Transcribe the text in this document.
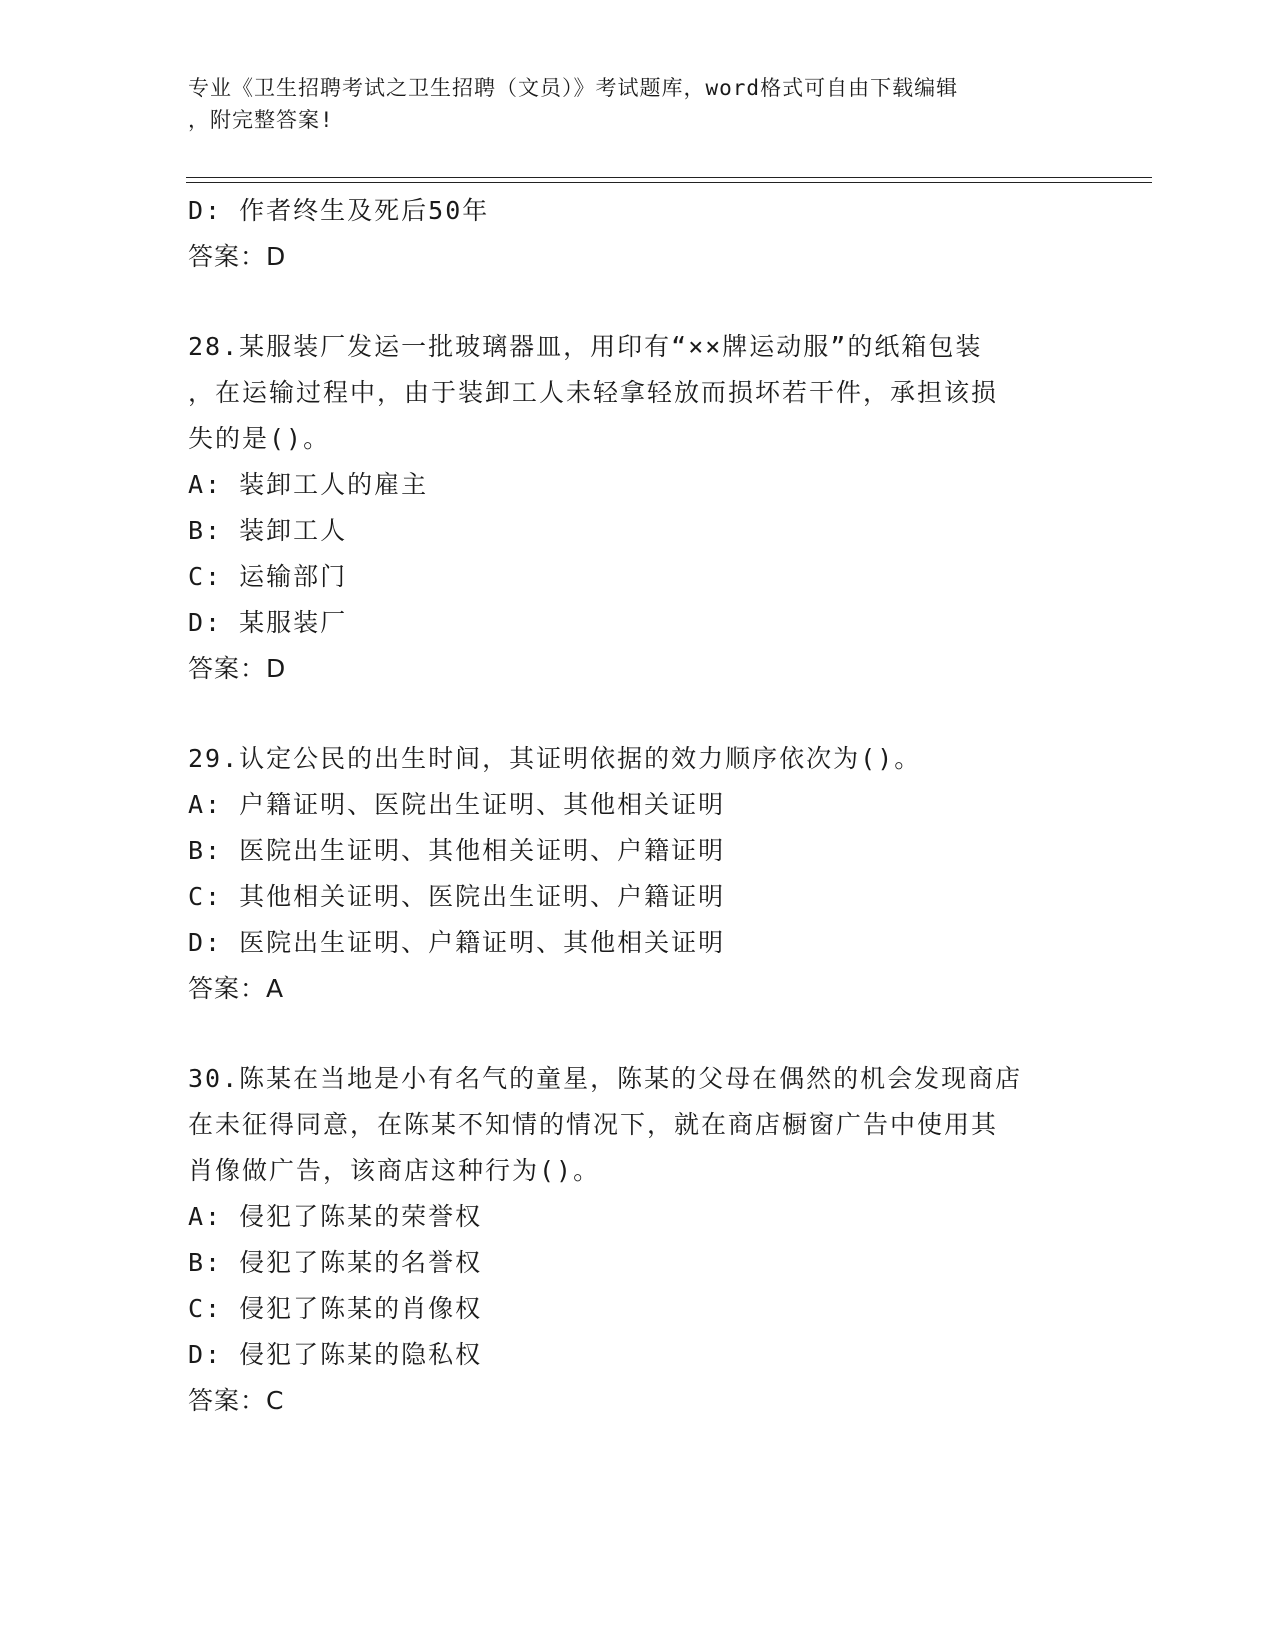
专业《卫生招聘考试之卫生招聘（文员）》考试题库，word格式可自由下载编辑
，附完整答案!
D: 作者终生及死后50年
答案：D
28.某服装厂发运一批玻璃器皿，用印有“××牌运动服”的纸箱包装
，在运输过程中，由于装卸工人未轻拿轻放而损坏若干件，承担该损
失的是()。
A: 装卸工人的雇主
B: 装卸工人
C: 运输部门
D: 某服装厂
答案：D
29.认定公民的出生时间，其证明依据的效力顺序依次为()。
A: 户籍证明、医院出生证明、其他相关证明
B: 医院出生证明、其他相关证明、户籍证明
C: 其他相关证明、医院出生证明、户籍证明
D: 医院出生证明、户籍证明、其他相关证明
答案：A
30.陈某在当地是小有名气的童星，陈某的父母在偶然的机会发现商店
在未征得同意，在陈某不知情的情况下，就在商店橱窗广告中使用其
肖像做广告，该商店这种行为()。
A: 侵犯了陈某的荣誉权
B: 侵犯了陈某的名誉权
C: 侵犯了陈某的肖像权
D: 侵犯了陈某的隐私权
答案：C
